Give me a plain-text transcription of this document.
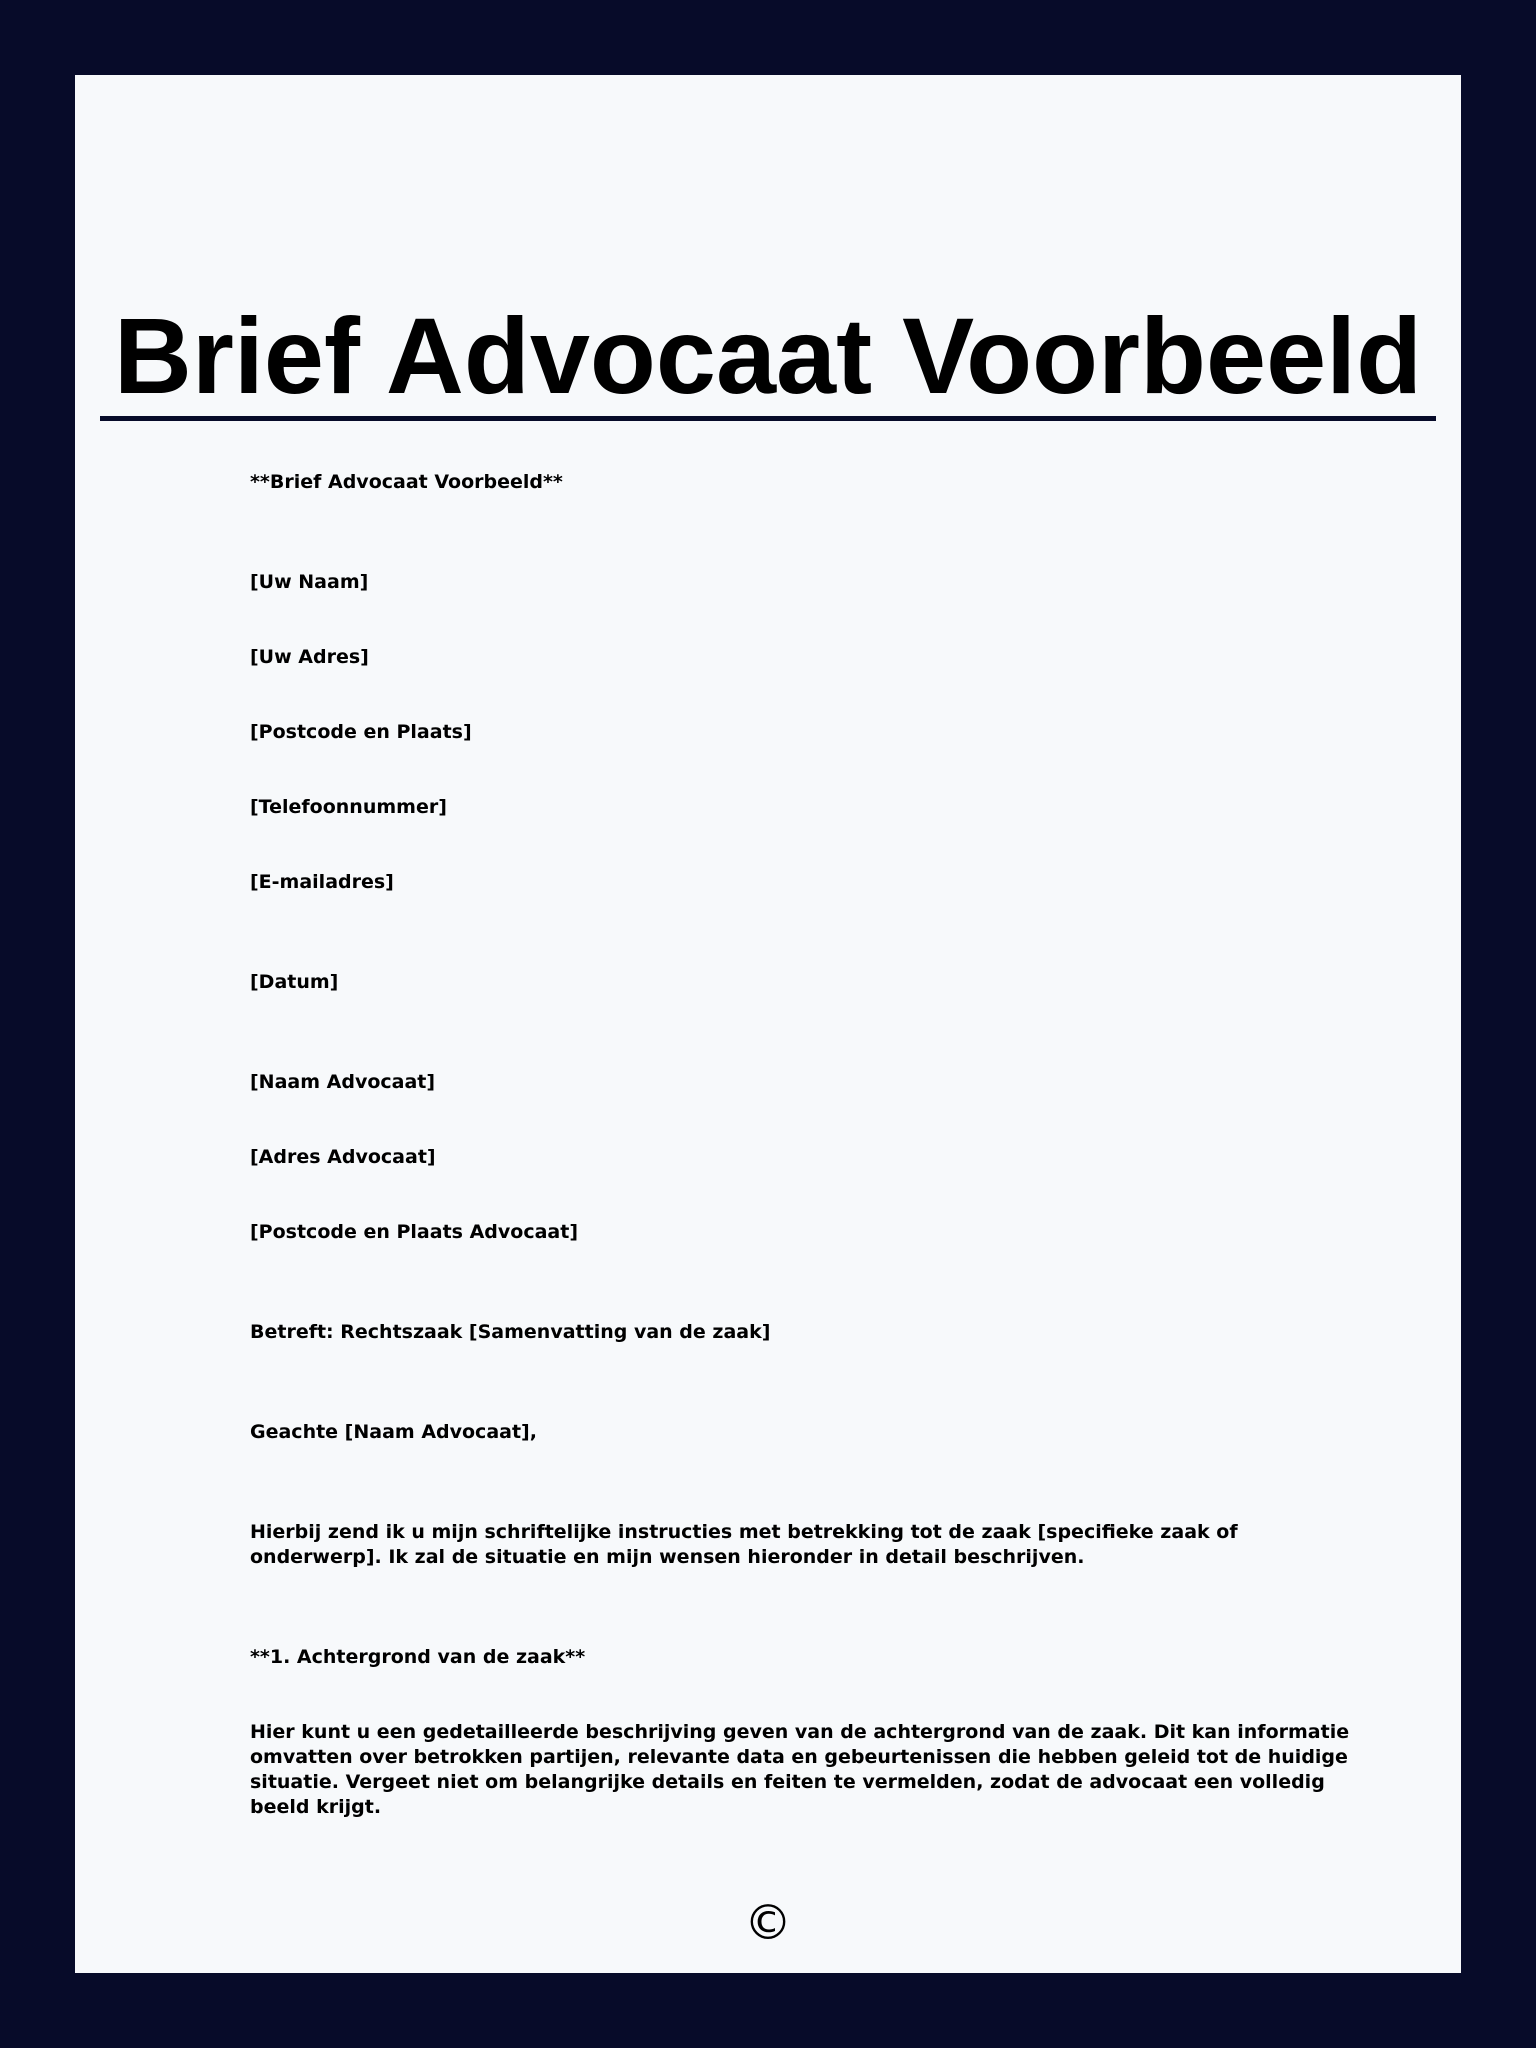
Brief Advocaat Voorbeeld

**Brief Advocaat Voorbeeld**

[Uw Naam]

[Uw Adres]

[Postcode en Plaats]

[Telefoonnummer]

[E-mailadres]

[Datum]

[Naam Advocaat]

[Adres Advocaat]

[Postcode en Plaats Advocaat]

Betreft: Rechtszaak [Samenvatting van de zaak]

Geachte [Naam Advocaat],

Hierbij zend ik u mijn schriftelijke instructies met betrekking tot de zaak [specifieke zaak of onderwerp]. Ik zal de situatie en mijn wensen hieronder in detail beschrijven.

**1. Achtergrond van de zaak**

Hier kunt u een gedetailleerde beschrijving geven van de achtergrond van de zaak. Dit kan informatie omvatten over betrokken partijen, relevante data en gebeurtenissen die hebben geleid tot de huidige situatie. Vergeet niet om belangrijke details en feiten te vermelden, zodat de advocaat een volledig beeld krijgt.

©
